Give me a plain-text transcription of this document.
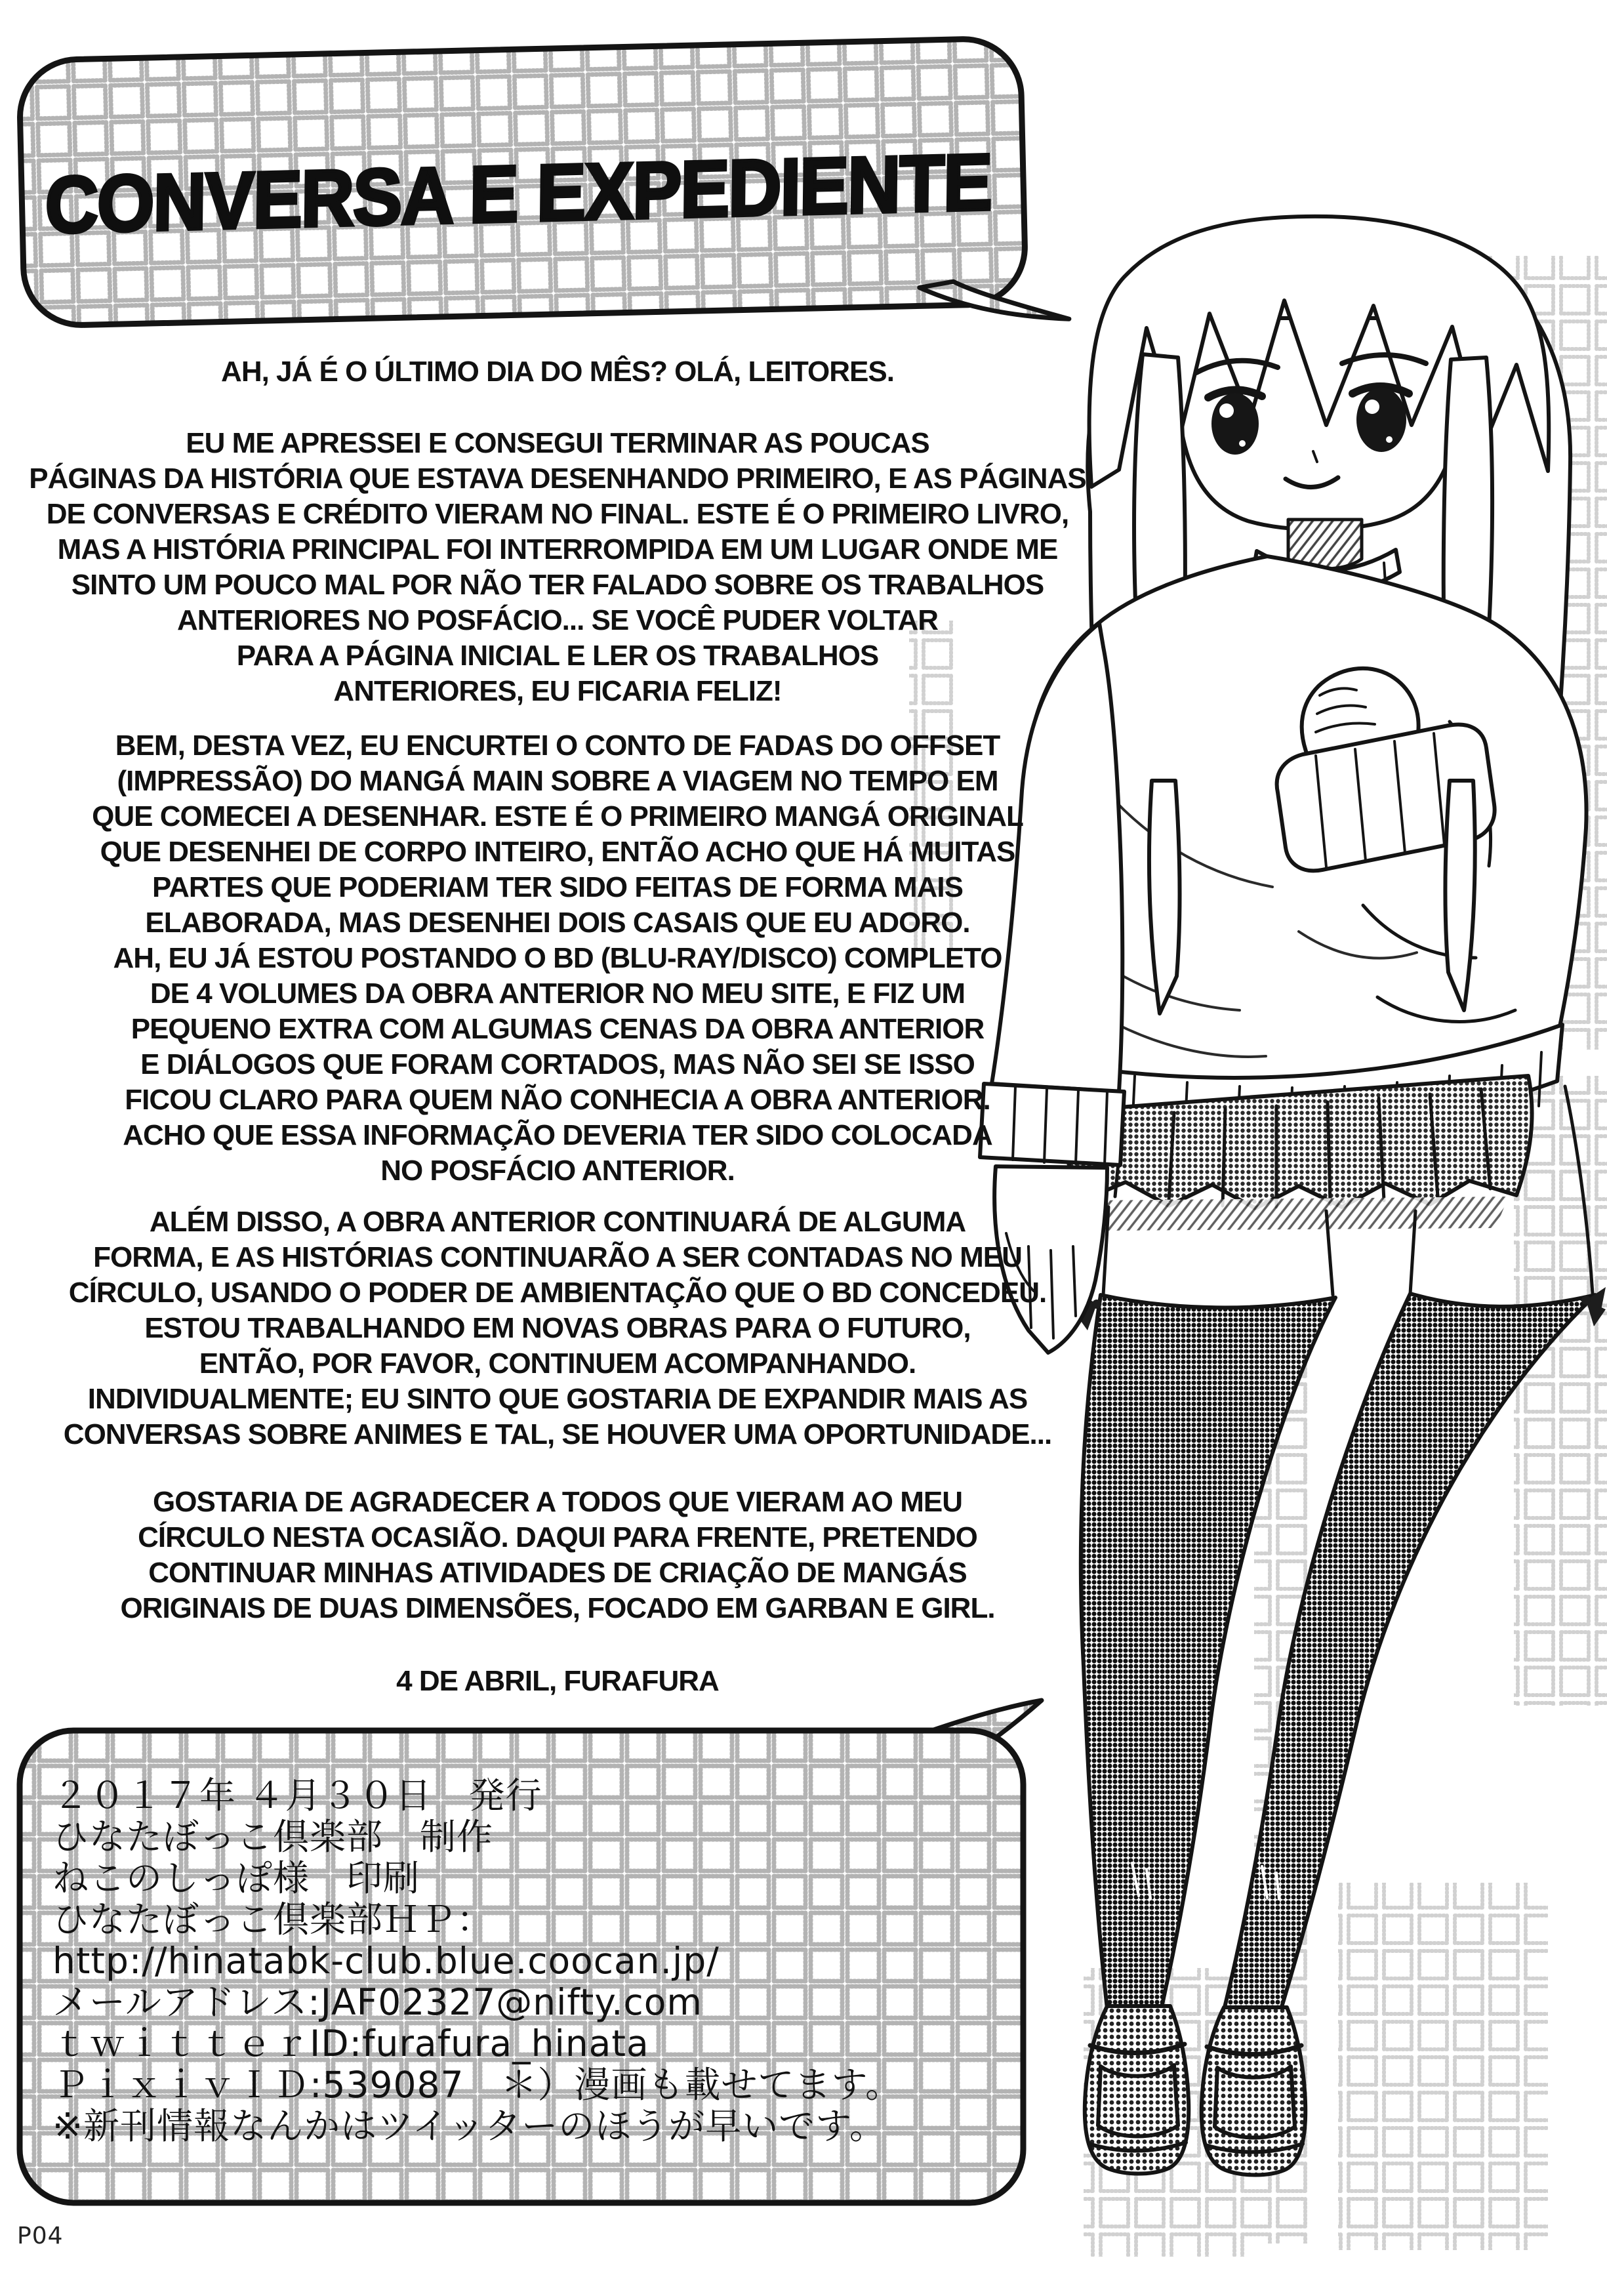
CONVERSA E EXPEDIENTE
AH, JÁ É O ÚLTIMO DIA DO MÊS? OLÁ, LEITORES.
EU ME APRESSEI E CONSEGUI TERMINAR AS POUCAS
PÁGINAS DA HISTÓRIA QUE ESTAVA DESENHANDO PRIMEIRO, E AS PÁGINAS
DE CONVERSAS E CRÉDITO VIERAM NO FINAL. ESTE É O PRIMEIRO LIVRO,
MAS A HISTÓRIA PRINCIPAL FOI INTERROMPIDA EM UM LUGAR ONDE ME
SINTO UM POUCO MAL POR NÃO TER FALADO SOBRE OS TRABALHOS
ANTERIORES NO POSFÁCIO... SE VOCÊ PUDER VOLTAR
PARA A PÁGINA INICIAL E LER OS TRABALHOS
ANTERIORES, EU FICARIA FELIZ!
BEM, DESTA VEZ, EU ENCURTEI O CONTO DE FADAS DO OFFSET
(IMPRESSÃO) DO MANGÁ MAIN SOBRE A VIAGEM NO TEMPO EM
QUE COMECEI A DESENHAR. ESTE É O PRIMEIRO MANGÁ ORIGINAL
QUE DESENHEI DE CORPO INTEIRO, ENTÃO ACHO QUE HÁ MUITAS
PARTES QUE PODERIAM TER SIDO FEITAS DE FORMA MAIS
ELABORADA, MAS DESENHEI DOIS CASAIS QUE EU ADORO.
AH, EU JÁ ESTOU POSTANDO O BD (BLU-RAY/DISCO) COMPLETO
DE 4 VOLUMES DA OBRA ANTERIOR NO MEU SITE, E FIZ UM
PEQUENO EXTRA COM ALGUMAS CENAS DA OBRA ANTERIOR
E DIÁLOGOS QUE FORAM CORTADOS, MAS NÃO SEI SE ISSO
FICOU CLARO PARA QUEM NÃO CONHECIA A OBRA ANTERIOR.
ACHO QUE ESSA INFORMAÇÃO DEVERIA TER SIDO COLOCADA
NO POSFÁCIO ANTERIOR.
ALÉM DISSO, A OBRA ANTERIOR CONTINUARÁ DE ALGUMA
FORMA, E AS HISTÓRIAS CONTINUARÃO A SER CONTADAS NO MEU
CÍRCULO, USANDO O PODER DE AMBIENTAÇÃO QUE O BD CONCEDEU.
ESTOU TRABALHANDO EM NOVAS OBRAS PARA O FUTURO,
ENTÃO, POR FAVOR, CONTINUEM ACOMPANHANDO.
INDIVIDUALMENTE; EU SINTO QUE GOSTARIA DE EXPANDIR MAIS AS
CONVERSAS SOBRE ANIMES E TAL, SE HOUVER UMA OPORTUNIDADE...
GOSTARIA DE AGRADECER A TODOS QUE VIERAM AO MEU
CÍRCULO NESTA OCASIÃO. DAQUI PARA FRENTE, PRETENDO
CONTINUAR MINHAS ATIVIDADES DE CRIAÇÃO DE MANGÁS
ORIGINAIS DE DUAS DIMENSÕES, FOCADO EM GARBAN E GIRL.
4 DE ABRIL, FURAFURA
２０１７年 ４月３０日　発行
ひなたぼっこ倶楽部　制作
ねこのしっぽ様　印刷
ひなたぼっこ倶楽部ＨＰ：
http://hinatabk-club.blue.coocan.jp/
メールアドレス:JAF02327@nifty.com
ｔｗｉｔｔｅｒID:furafura_hinata
ＰｉｘｉｖＩＤ:539087　＊）漫画も載せてます。
※新刊情報なんかはツイッターのほうが早いです。
P04
